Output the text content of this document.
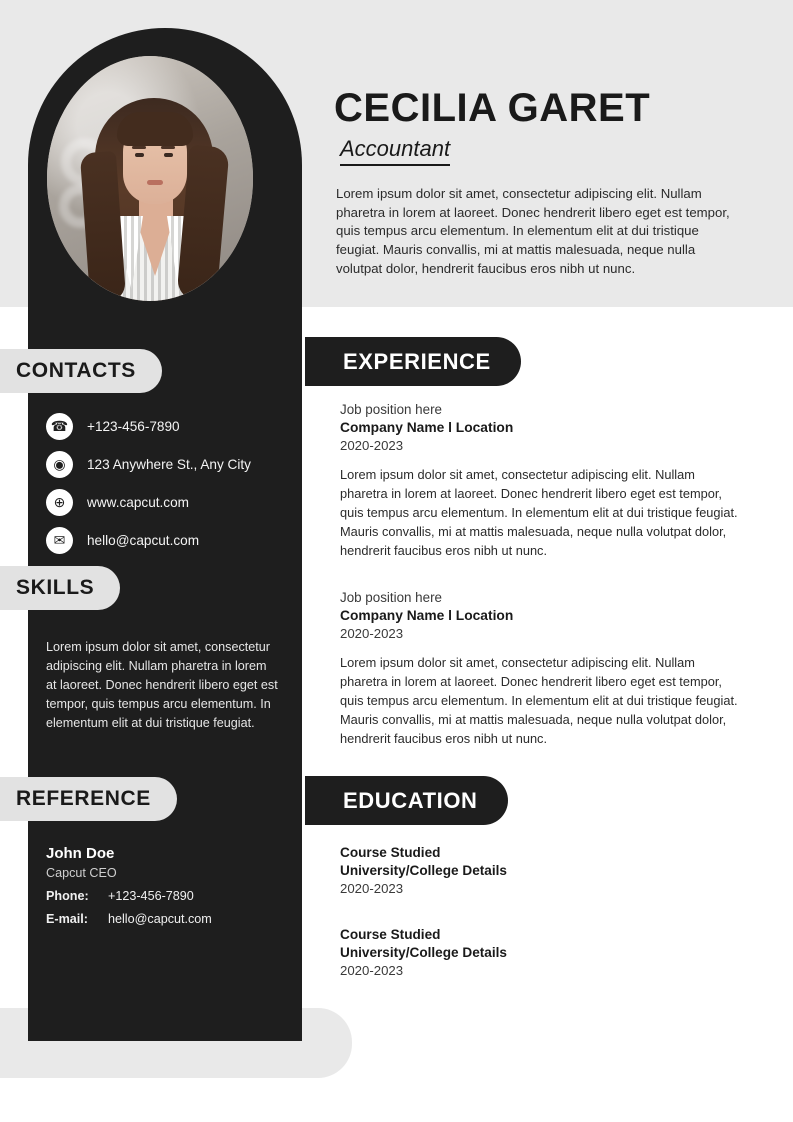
CECILIA GARET
Accountant
Lorem ipsum dolor sit amet, consectetur adipiscing elit. Nullam pharetra in lorem at laoreet. Donec hendrerit libero eget est tempor, quis tempus arcu elementum. In elementum elit at dui tristique feugiat. Mauris convallis, mi at mattis malesuada, neque nulla volutpat dolor, hendrerit faucibus eros nibh ut nunc.
CONTACTS
☎	+123-456-7890
◉	123 Anywhere St., Any City
⊕	www.capcut.com
✉	hello@capcut.com
SKILLS
Lorem ipsum dolor sit amet, consectetur adipiscing elit. Nullam pharetra in lorem at laoreet. Donec hendrerit libero eget est tempor, quis tempus arcu elementum. In elementum elit at dui tristique feugiat.
REFERENCE
John Doe
Capcut CEO
Phone:	+123-456-7890
E-mail:	hello@capcut.com
EXPERIENCE
Job position here
Company Name l Location
2020-2023
Lorem ipsum dolor sit amet, consectetur adipiscing elit. Nullam pharetra in lorem at laoreet. Donec hendrerit libero eget est tempor, quis tempus arcu elementum. In elementum elit at dui tristique feugiat. Mauris convallis, mi at mattis malesuada, neque nulla volutpat dolor, hendrerit faucibus eros nibh ut nunc.
Job position here
Company Name l Location
2020-2023
Lorem ipsum dolor sit amet, consectetur adipiscing elit. Nullam pharetra in lorem at laoreet. Donec hendrerit libero eget est tempor, quis tempus arcu elementum. In elementum elit at dui tristique feugiat. Mauris convallis, mi at mattis malesuada, neque nulla volutpat dolor, hendrerit faucibus eros nibh ut nunc.
EDUCATION
Course Studied
University/College Details
2020-2023
Course Studied
University/College Details
2020-2023
